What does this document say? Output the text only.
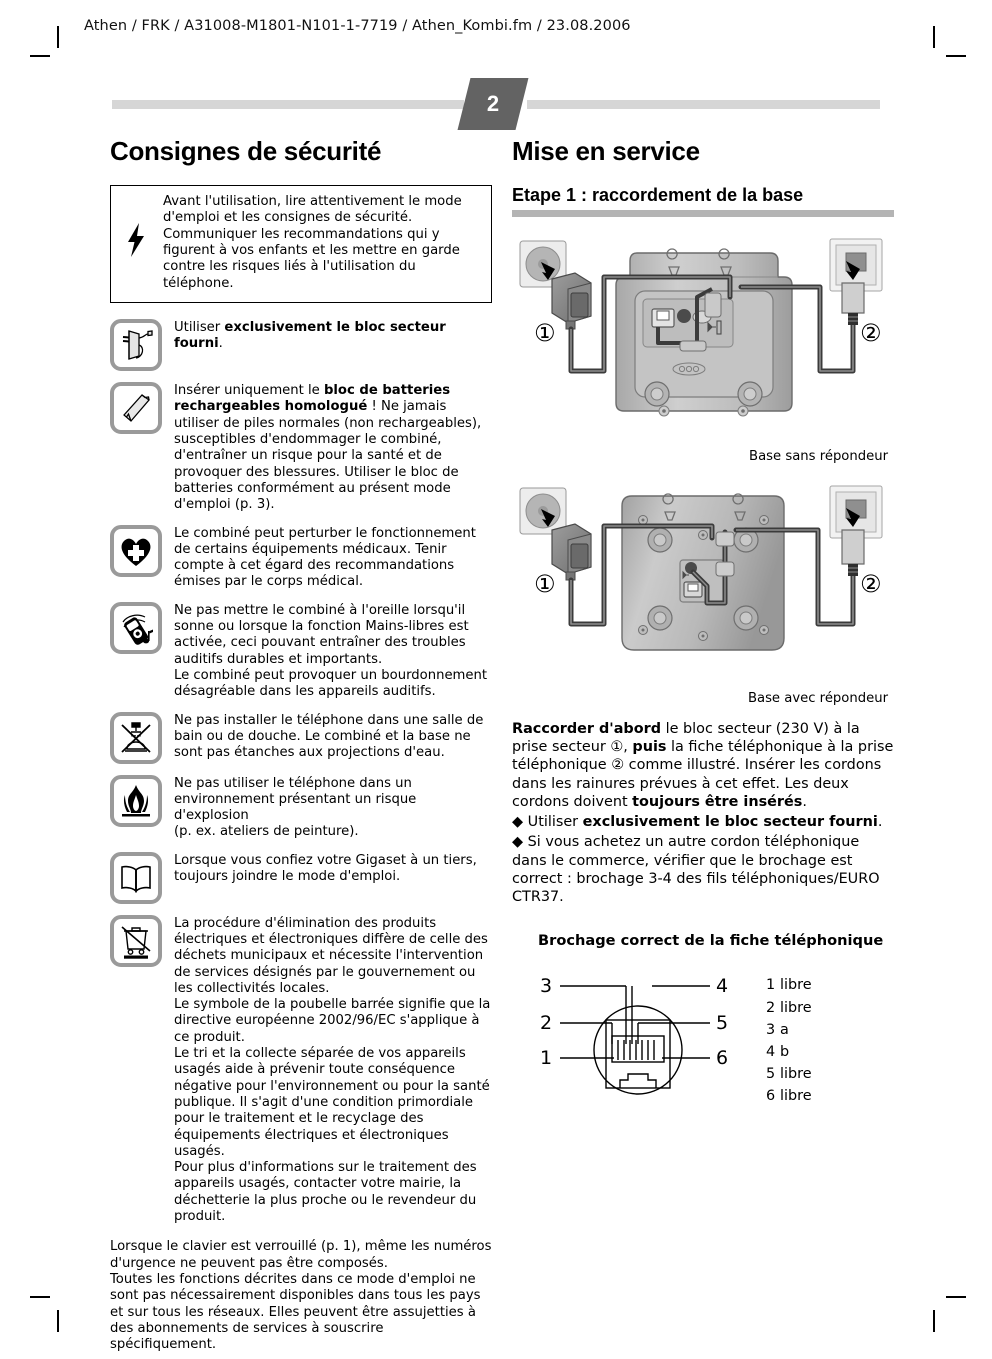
Athen / FRK / A31008-M1801-N101-1-7719 / Athen_Kombi.fm / 23.08.2006
2
Consignes de sécurité
Avant l'utilisation, lire attentivement le mode d'emploi et les consignes de sécurité. Communiquer les recommandations qui y figurent à vos enfants et les mettre en garde contre les risques liés à l'utilisation du téléphone.
Utiliser exclusivement le bloc secteur fourni.
Insérer uniquement le bloc de batteries rechargeables homologué ! Ne jamais utiliser de piles normales (non rechargeables), susceptibles d'endommager le combiné, d'entraîner un risque pour la santé et de provoquer des blessures. Utiliser le bloc de batteries conformément au présent mode d'emploi (p. 3).
Le combiné peut perturber le fonctionnement de certains équipements médicaux. Tenir compte à cet égard des recommandations émises par le corps médical.
Ne pas mettre le combiné à l'oreille lorsqu'il sonne ou lorsque la fonction Mains-libres est activée, ceci pouvant entraîner des troubles auditifs durables et importants.
Le combiné peut provoquer un bourdonnement désagréable dans les appareils auditifs.
Ne pas installer le téléphone dans une salle de bain ou de douche. Le combiné et la base ne sont pas étanches aux projections d'eau.
Ne pas utiliser le téléphone dans un environnement présentant un risque d'explosion
(p. ex. ateliers de peinture).
Lorsque vous confiez votre Gigaset à un tiers, toujours joindre le mode d'emploi.
La procédure d'élimination des produits électriques et électroniques diffère de celle des déchets municipaux et nécessite l'intervention de services désignés par le gouvernement ou les collectivités locales.
Le symbole de la poubelle barrée signifie que la directive européenne 2002/96/EC s'applique à ce produit.
Le tri et la collecte séparée de vos appareils usagés aide à prévenir toute conséquence négative pour l'environnement ou pour la santé publique. Il s'agit d'une condition primordiale pour le traitement et le recyclage des équipements électriques et électroniques usagés.
Pour plus d'informations sur le traitement des appareils usagés, contacter votre mairie, la déchetterie la plus proche ou le revendeur du produit.
Lorsque le clavier est verrouillé (p. 1), même les numéros d'urgence ne peuvent pas être composés.
Toutes les fonctions décrites dans ce mode d'emploi ne sont pas nécessairement disponibles dans tous les pays et sur tous les réseaux. Elles peuvent être assujetties à des abonnements de services à souscrire spécifiquement.
Mise en service
Etape 1 : raccordement de la base
①	②
Base sans répondeur
①	②
Base avec répondeur
Raccorder d'abord le bloc secteur (230 V) à la prise secteur ①, puis la fiche téléphonique à la prise téléphonique ② comme illustré. Insérer les cordons dans les rainures prévues à cet effet. Les deux cordons doivent toujours être insérés.
◆ Utiliser exclusivement le bloc secteur fourni.
◆ Si vous achetez un autre cordon téléphonique dans le commerce, vérifier que le brochage est correct : brochage 3-4 des fils téléphoniques/EURO CTR37.
Brochage correct de la fiche téléphonique
3
2
1
4
5
6
1 libre
2 libre
3 a
4 b
5 libre
6 libre
